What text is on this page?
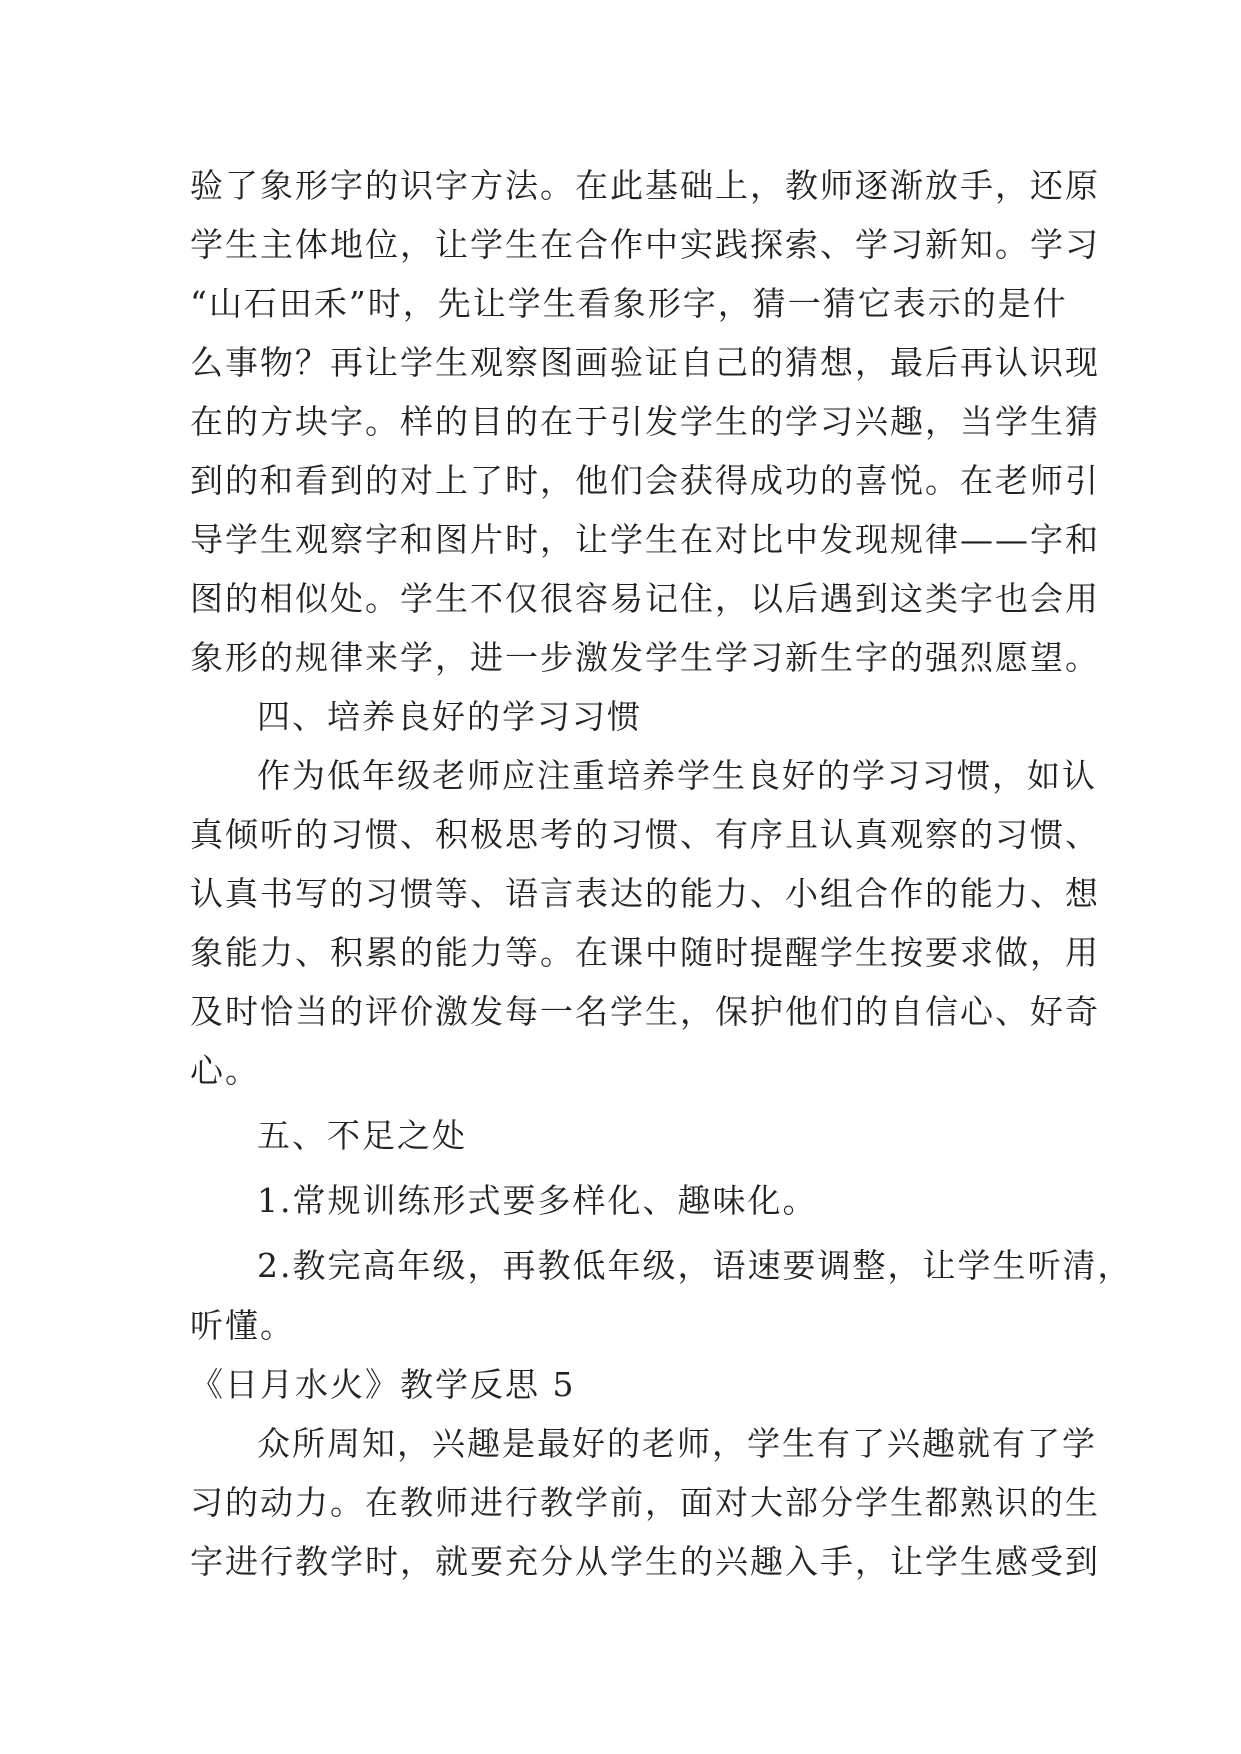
验了象形字的识字方法。在此基础上，教师逐渐放手，还原
学生主体地位，让学生在合作中实践探索、学习新知。学习
“山石田禾”时，先让学生看象形字，猜一猜它表示的是什
么事物？再让学生观察图画验证自己的猜想，最后再认识现
在的方块字。样的目的在于引发学生的学习兴趣，当学生猜
到的和看到的对上了时，他们会获得成功的喜悦。在老师引
导学生观察字和图片时，让学生在对比中发现规律——字和
图的相似处。学生不仅很容易记住，以后遇到这类字也会用
象形的规律来学，进一步激发学生学习新生字的强烈愿望。
四、培养良好的学习习惯
作为低年级老师应注重培养学生良好的学习习惯，如认
真倾听的习惯、积极思考的习惯、有序且认真观察的习惯、
认真书写的习惯等、语言表达的能力、小组合作的能力、想
象能力、积累的能力等。在课中随时提醒学生按要求做，用
及时恰当的评价激发每一名学生，保护他们的自信心、好奇
心。
五、不足之处
1.常规训练形式要多样化、趣味化。
2.教完高年级，再教低年级，语速要调整，让学生听清，
听懂。
《日月水火》教学反思 5
众所周知，兴趣是最好的老师，学生有了兴趣就有了学
习的动力。在教师进行教学前，面对大部分学生都熟识的生
字进行教学时，就要充分从学生的兴趣入手，让学生感受到
